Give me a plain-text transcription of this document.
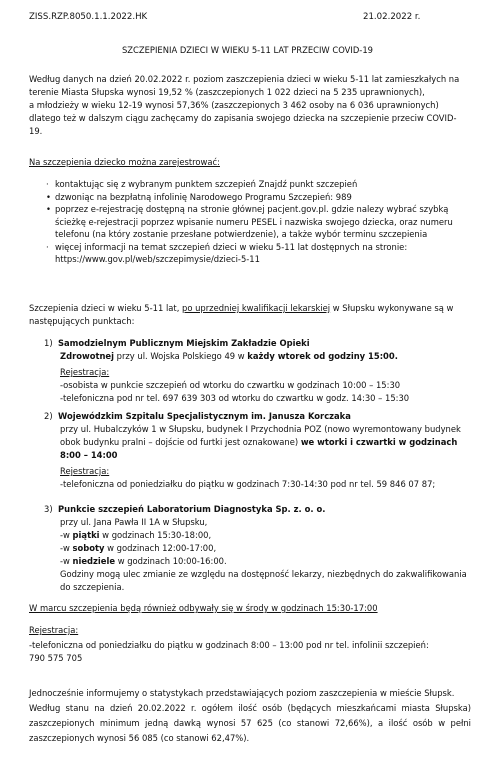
ZISS.RZP.8050.1.1.2022.HK	21.02.2022 r.
SZCZEPIENIA DZIECI W WIEKU 5-11 LAT PRZECIW COVID-19
Według danych na dzień 20.02.2022 r. poziom zaszczepienia dzieci w wieku 5-11 lat zamieszkałych na
terenie Miasta Słupska wynosi 19,52 % (zaszczepionych 1 022 dzieci na 5 235 uprawnionych),
a młodzieży w wieku 12-19 wynosi 57,36% (zaszczepionych 3 462 osoby na 6 036 uprawnionych)
dlatego też w dalszym ciągu zachęcamy do zapisania swojego dziecka na szczepienie przeciw COVID-
19.
Na szczepienia dziecko można zarejestrować:
· kontaktując się z wybranym punktem szczepień Znajdź punkt szczepień
• dzwoniąc na bezpłatną infolinię Narodowego Programu Szczepień: 989
• poprzez e-rejestrację dostępną na stronie głównej pacjent.gov.pl. gdzie nalezy wybrać szybką
ścieżkę e-rejestracji poprzez wpisanie numeru PESEL i nazwiska swojego dziecka, oraz numeru
telefonu (na który zostanie przesłane potwierdzenie), a także wybór terminu szczepienia
· więcej informacji na temat szczepień dzieci w wieku 5-11 lat dostępnych na stronie:
https://www.gov.pl/web/szczepimysie/dzieci-5-11
Szczepienia dzieci w wieku 5-11 lat, po uprzedniej kwalifikacji lekarskiej w Słupsku wykonywane są w
następujących punktach:
1) Samodzielnym Publicznym Miejskim Zakładzie Opieki
Zdrowotnej przy ul. Wojska Polskiego 49 w każdy wtorek od godziny 15:00.
Rejestracja:
-osobista w punkcie szczepień od wtorku do czwartku w godzinach 10:00 – 15:30
-telefoniczna pod nr tel. 697 639 303 od wtorku do czwartku w godz. 14:30 – 15:30
2) Wojewódzkim Szpitalu Specjalistycznym im. Janusza Korczaka
przy ul. Hubalczyków 1 w Słupsku, budynek I Przychodnia POZ (nowo wyremontowany budynek
obok budynku pralni – dojście od furtki jest oznakowane) we wtorki i czwartki w godzinach
8:00 – 14:00
Rejestracja:
-telefoniczna od poniedziałku do piątku w godzinach 7:30-14:30 pod nr tel. 59 846 07 87;
3) Punkcie szczepień Laboratorium Diagnostyka Sp. z. o. o.
przy ul. Jana Pawła II 1A w Słupsku,
-w piątki w godzinach 15:30-18:00,
-w soboty w godzinach 12:00-17:00,
-w niedziele w godzinach 10:00-16:00.
Godziny mogą ulec zmianie ze względu na dostępność lekarzy, niezbędnych do zakwalifikowania
do szczepienia.
W marcu szczepienia będą również odbywały się w środy w godzinach 15:30-17:00
Rejestracja:
-telefoniczna od poniedziałku do piątku w godzinach 8:00 – 13:00 pod nr tel. infolinii szczepień:
790 575 705
Jednocześnie informujemy o statystykach przedstawiających poziom zaszczepienia w mieście Słupsk.
Według stanu na dzień 20.02.2022 r. ogółem ilość osób (będących mieszkańcami miasta Słupska)
zaszczepionych minimum jedną dawką wynosi 57 625 (co stanowi 72,66%), a ilość osób w pełni
zaszczepionych wynosi 56 085 (co stanowi 62,47%).
